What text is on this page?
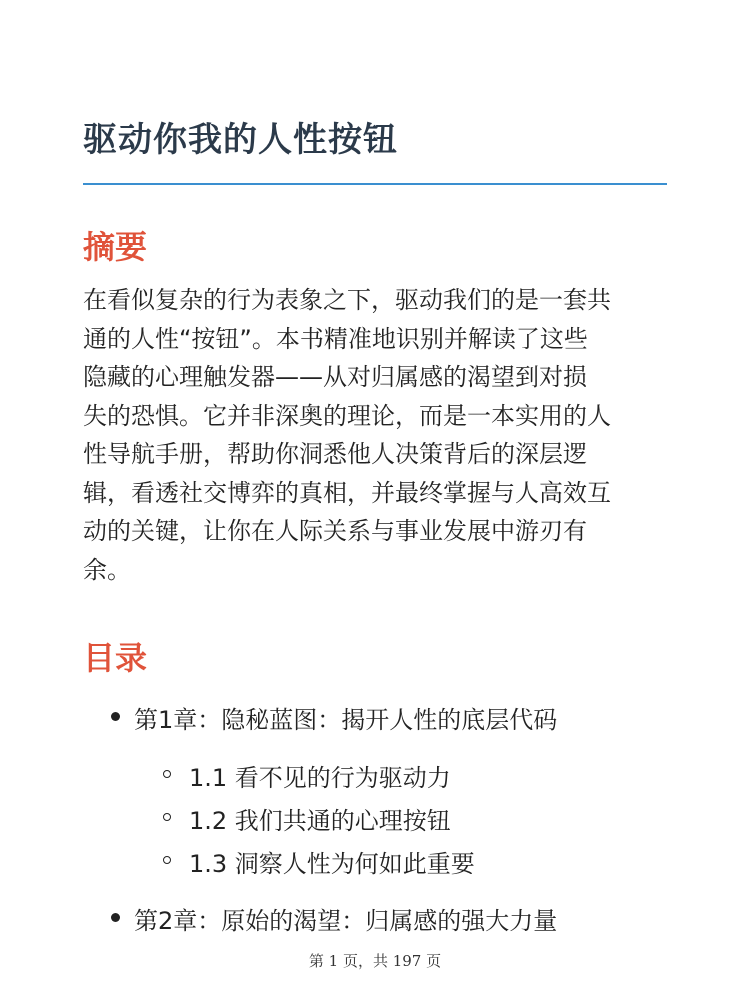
驱动你我的人性按钮
摘要
在看似复杂的行为表象之下，驱动我们的是一套共
通的人性“按钮”。本书精准地识别并解读了这些
隐藏的心理触发器——从对归属感的渴望到对损
失的恐惧。它并非深奥的理论，而是一本实用的人
性导航手册，帮助你洞悉他人决策背后的深层逻
辑，看透社交博弈的真相，并最终掌握与人高效互
动的关键，让你在人际关系与事业发展中游刃有
余。
目录
第1章：隐秘蓝图：揭开人性的底层代码
1.1 看不见的行为驱动力
1.2 我们共通的心理按钮
1.3 洞察人性为何如此重要
第2章：原始的渴望：归属感的强大力量
第 1 页，共 197 页
